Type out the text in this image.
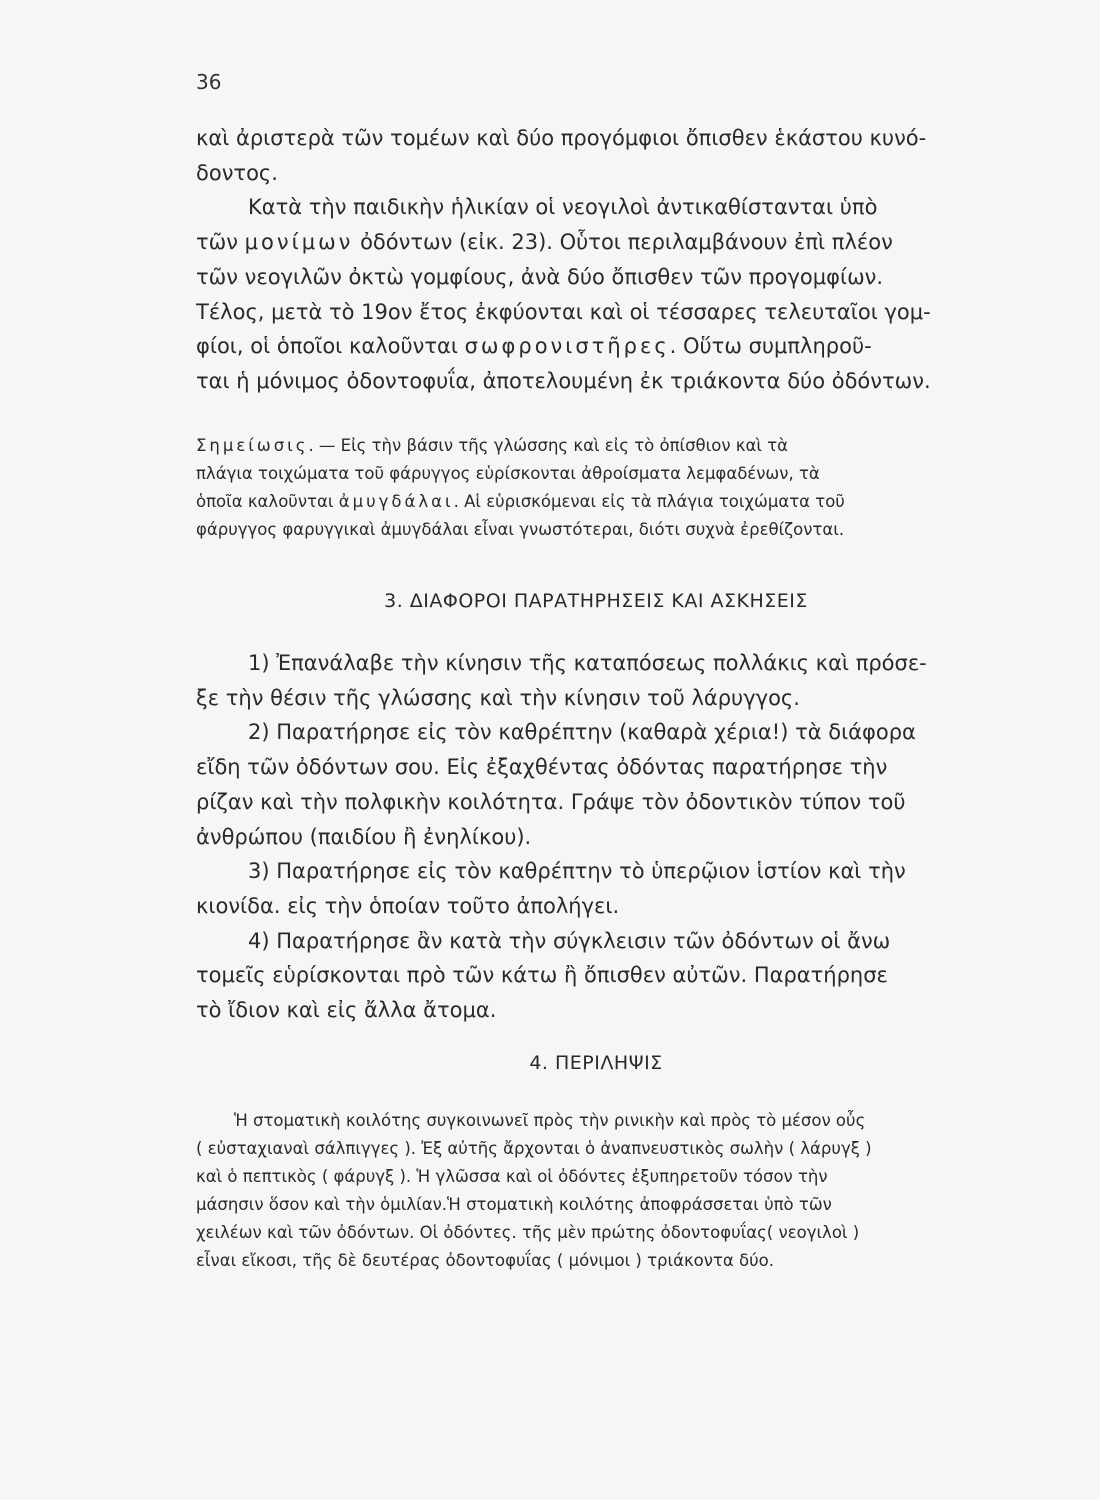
36

καὶ ἀριστερὰ τῶν τομέων καὶ δύο προγόμφιοι ὄπισθεν ἑκάστου κυνό-

δοντος.

Κατὰ τὴν παιδικὴν ἡλικίαν οἱ νεογιλοὶ ἀντικαθίστανται ὑπὸ

τῶν μονίμων ὀδόντων (εἰκ. 23). Οὗτοι περιλαμβάνουν ἐπὶ πλέον

τῶν νεογιλῶν ὀκτὼ γομφίους, ἀνὰ δύο ὄπισθεν τῶν προγομφίων.

Τέλος, μετὰ τὸ 19ον ἔτος ἐκφύονται καὶ οἱ τέσσαρες τελευταῖοι γομ-

φίοι, οἱ ὁποῖοι καλοῦνται σωφρονιστῆρες. Οὕτω συμπληροῦ-

ται ἡ μόνιμος ὀδοντοφυΐα, ἀποτελουμένη ἐκ τριάκοντα δύο ὀδόντων.

Σημείωσις. — Εἰς τὴν βάσιν τῆς γλώσσης καὶ εἰς τὸ ὀπίσθιον καὶ τὰ

πλάγια τοιχώματα τοῦ φάρυγγος εὑρίσκονται ἀθροίσματα λεμφαδένων, τὰ

ὁποῖα καλοῦνται ἀμυγδάλαι. Αἱ εὑρισκόμεναι εἰς τὰ πλάγια τοιχώματα τοῦ

φάρυγγος φαρυγγικαὶ ἀμυγδάλαι εἶναι γνωστότεραι, διότι συχνὰ ἐρεθίζονται.

3. ΔΙΑΦΟΡΟΙ ΠΑΡΑΤΗΡΗΣΕΙΣ ΚΑΙ ΑΣΚΗΣΕΙΣ

1) Ἐπανάλαβε τὴν κίνησιν τῆς καταπόσεως πολλάκις καὶ πρόσε-

ξε τὴν θέσιν τῆς γλώσσης καὶ τὴν κίνησιν τοῦ λάρυγγος.

2) Παρατήρησε εἰς τὸν καθρέπτην (καθαρὰ χέρια!) τὰ διάφορα

εἴδη τῶν ὀδόντων σου. Εἰς ἐξαχθέντας ὀδόντας παρατήρησε τὴν

ρίζαν καὶ τὴν πολφικὴν κοιλότητα. Γράψε τὸν ὀδοντικὸν τύπον τοῦ

ἀνθρώπου (παιδίου ἢ ἐνηλίκου).

3) Παρατήρησε εἰς τὸν καθρέπτην τὸ ὑπερῷιον ἱστίον καὶ τὴν

κιονίδα. εἰς τὴν ὁποίαν τοῦτο ἀπολήγει.

4) Παρατήρησε ἂν κατὰ τὴν σύγκλεισιν τῶν ὀδόντων οἱ ἄνω

τομεῖς εὑρίσκονται πρὸ τῶν κάτω ἢ ὄπισθεν αὐτῶν. Παρατήρησε

τὸ ἴδιον καὶ εἰς ἄλλα ἄτομα.

4. ΠΕΡΙΛΗΨΙΣ

Ἡ στοματικὴ κοιλότης συγκοινωνεῖ πρὸς τὴν ρινικὴν καὶ πρὸς τὸ μέσον οὖς

( εὐσταχιαναὶ σάλπιγγες ). Ἐξ αὐτῆς ἄρχονται ὁ ἀναπνευστικὸς σωλὴν ( λάρυγξ )

καὶ ὁ πεπτικὸς ( φάρυγξ ). Ἡ γλῶσσα καὶ οἱ ὀδόντες ἐξυπηρετοῦν τόσον τὴν

μάσησιν ὅσον καὶ τὴν ὁμιλίαν.Ἡ στοματικὴ κοιλότης ἀποφράσσεται ὑπὸ τῶν

χειλέων καὶ τῶν ὀδόντων. Οἱ ὀδόντες. τῆς μὲν πρώτης ὀδοντοφυΐας( νεογιλοὶ )

εἶναι εἴκοσι, τῆς δὲ δευτέρας ὀδοντοφυΐας ( μόνιμοι ) τριάκοντα δύο.
